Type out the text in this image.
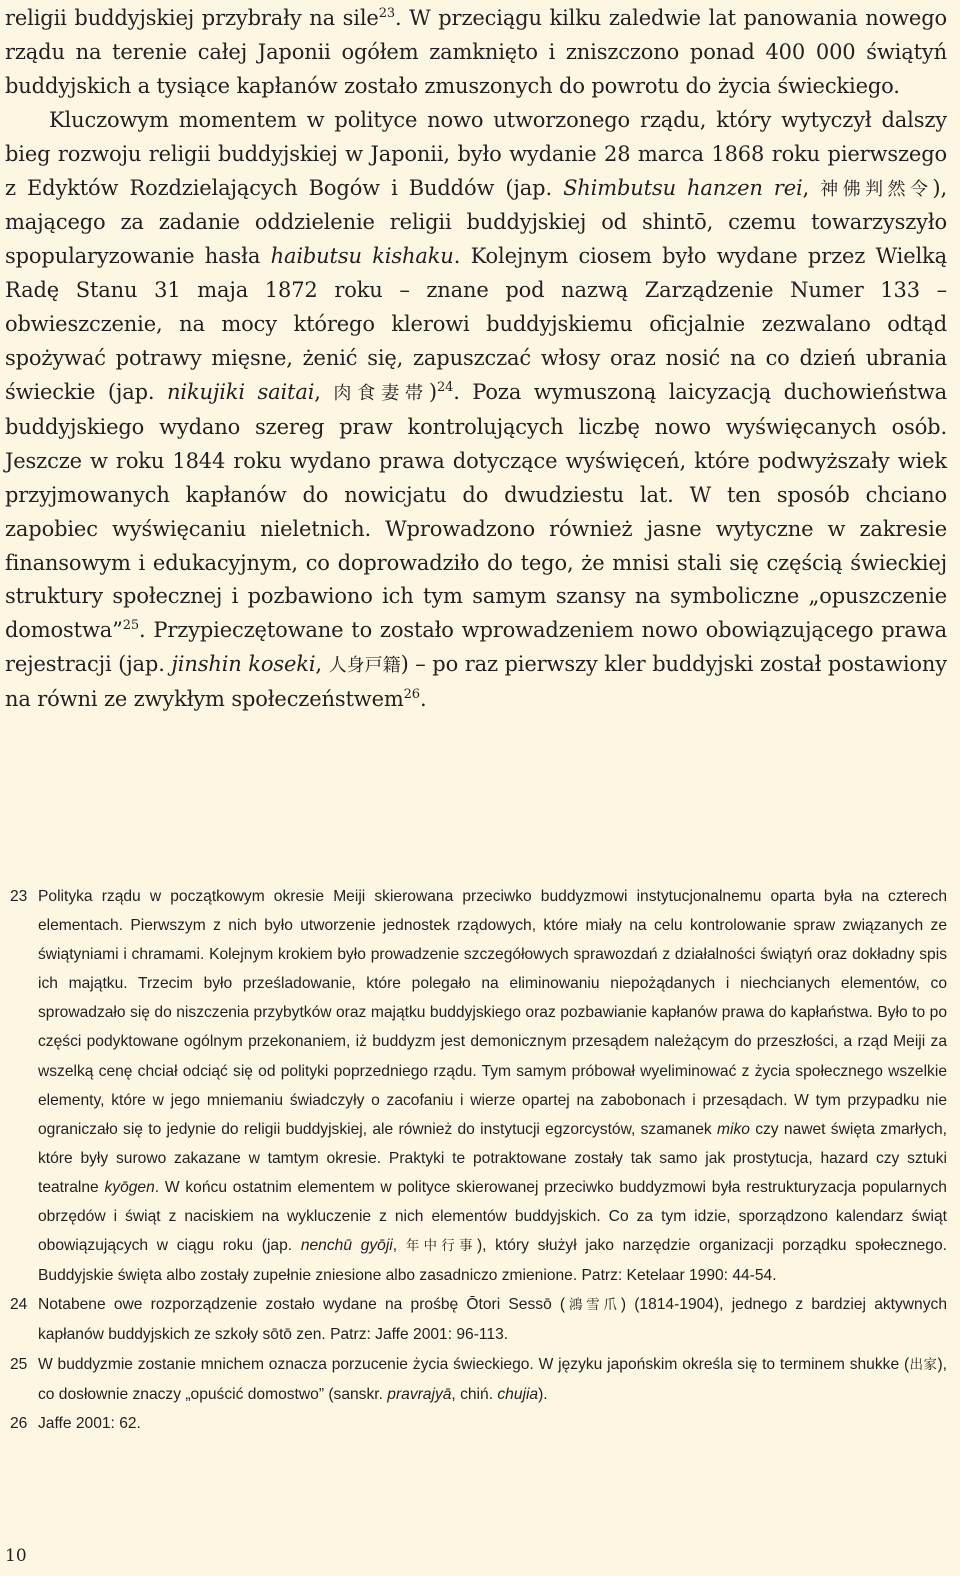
religii buddyjskiej przybrały na sile$^{23}$. W przeciągu kilku zaledwie lat panowania nowego rządu na terenie całej Japonii ogółem zamknięto i zniszczono ponad 400 000 świątyń buddyjskich a tysiące kapłanów zostało zmuszonych do powrotu do życia świeckiego.

Kluczowym momentem w polityce nowo utworzonego rządu, który wytyczył dalszy bieg rozwoju religii buddyjskiej w Japonii, było wydanie 28 marca 1868 roku pierwszego z Edyktów Rozdzielających Bogów i Buddów (jap. Shimbutsu hanzen rei, 神佛判然令), mającego za zadanie oddzielenie religii buddyjskiej od shintō, czemu towarzyszyło spopularyzowanie hasła haibutsu kishaku. Kolejnym ciosem było wydane przez Wielką Radę Stanu 31 maja 1872 roku – znane pod nazwą Zarządzenie Numer 133 – obwieszczenie, na mocy którego klerowi buddyjskiemu oficjalnie zezwalano odtąd spożywać potrawy mięsne, żenić się, zapuszczać włosy oraz nosić na co dzień ubrania świeckie (jap. nikujiki saitai, 肉食妻帯)$^{24}$. Poza wymuszoną laicyzacją duchowieństwa buddyjskiego wydano szereg praw kontrolujących liczbę nowo wyświęcanych osób. Jeszcze w roku 1844 roku wydano prawa dotyczące wyświęceń, które podwyższały wiek przyjmowanych kapłanów do nowicjatu do dwudziestu lat. W ten sposób chciano zapobiec wyświęcaniu nieletnich. Wprowadzono również jasne wytyczne w zakresie finansowym i edukacyjnym, co doprowadziło do tego, że mnisi stali się częścią świeckiej struktury społecznej i pozbawiono ich tym samym szansy na symboliczne „opuszczenie domostwa”$^{25}$. Przypieczętowane to zostało wprowadzeniem nowo obowiązującego prawa rejestracji (jap. jinshin koseki, 人身戸籍) – po raz pierwszy kler buddyjski został postawiony na równi ze zwykłym społeczeństwem$^{26}$.

23 Polityka rządu w początkowym okresie Meiji skierowana przeciwko buddyzmowi instytucjonalnemu oparta była na czterech elementach. Pierwszym z nich było utworzenie jednostek rządowych, które miały na celu kontrolowanie spraw związanych ze świątyniami i chramami. Kolejnym krokiem było prowadzenie szczegółowych sprawozdań z działalności świątyń oraz dokładny spis ich majątku. Trzecim było prześladowanie, które polegało na eliminowaniu niepożądanych i niechcianych elementów, co sprowadzało się do niszczenia przybytków oraz majątku buddyjskiego oraz pozbawianie kapłanów prawa do kapłaństwa. Było to po części podyktowane ogólnym przekonaniem, iż buddyzm jest demonicznym przesądem należącym do przeszłości, a rząd Meiji za wszelką cenę chciał odciąć się od polityki poprzedniego rządu. Tym samym próbował wyeliminować z życia społecznego wszelkie elementy, które w jego mniemaniu świadczyły o zacofaniu i wierze opartej na zabobonach i przesądach. W tym przypadku nie ograniczało się to jedynie do religii buddyjskiej, ale również do instytucji egzorcystów, szamanek miko czy nawet święta zmarłych, które były surowo zakazane w tamtym okresie. Praktyki te potraktowane zostały tak samo jak prostytucja, hazard czy sztuki teatralne kyōgen. W końcu ostatnim elementem w polityce skierowanej przeciwko buddyzmowi była restrukturyzacja popularnych obrzędów i świąt z naciskiem na wykluczenie z nich elementów buddyjskich. Co za tym idzie, sporządzono kalendarz świąt obowiązujących w ciągu roku (jap. nenchū gyōji, 年中行事), który służył jako narzędzie organizacji porządku społecznego. Buddyjskie święta albo zostały zupełnie zniesione albo zasadniczo zmienione. Patrz: Ketelaar 1990: 44-54.

24 Notabene owe rozporządzenie zostało wydane na prośbę Ōtori Sessō (鴻雪爪) (1814-1904), jednego z bardziej aktywnych kapłanów buddyjskich ze szkoły sōtō zen. Patrz: Jaffe 2001: 96-113.

25 W buddyzmie zostanie mnichem oznacza porzucenie życia świeckiego. W języku japońskim określa się to terminem shukke (出家), co dosłownie znaczy „opuścić domostwo” (sanskr. pravrajyā, chiń. chujia).

26 Jaffe 2001: 62.

10
